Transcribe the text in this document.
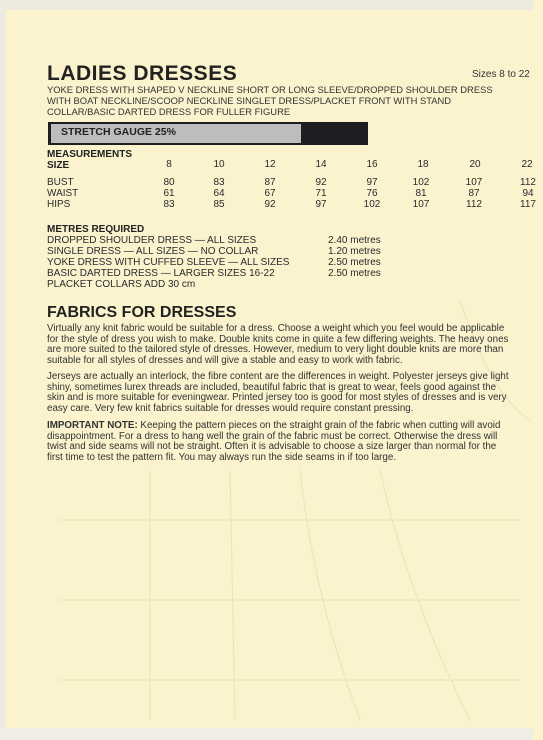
LADIES DRESSES	Sizes 8 to 22
YOKE DRESS WITH SHAPED V NECKLINE SHORT OR LONG SLEEVE/DROPPED SHOULDER DRESS
WITH BOAT NECKLINE/SCOOP NECKLINE SINGLET DRESS/PLACKET FRONT WITH STAND
COLLAR/BASIC DARTED DRESS FOR FULLER FIGURE
STRETCH GAUGE 25%
MEASUREMENTS
SIZE	8	10	12	14	16	18	20	22
BUST	80	83	87	92	97	102	107	112
WAIST	61	64	67	71	76	81	87	94
HIPS	83	85	92	97	102	107	112	117
METRES REQUIRED
DROPPED SHOULDER DRESS — ALL SIZES	2.40 metres
SINGLE DRESS — ALL SIZES — NO COLLAR	1.20 metres
YOKE DRESS WITH CUFFED SLEEVE — ALL SIZES	2.50 metres
BASIC DARTED DRESS — LARGER SIZES 16-22	2.50 metres
PLACKET COLLARS ADD 30 cm
FABRICS FOR DRESSES
Virtually any knit fabric would be suitable for a dress. Choose a weight which you feel would be applicable
for the style of dress you wish to make. Double knits come in quite a few differing weights. The heavy ones
are more suited to the tailored style of dresses. However, medium to very light double knits are more than
suitable for all styles of dresses and will give a stable and easy to work with fabric.
Jerseys are actually an interlock, the fibre content are the differences in weight. Polyester jerseys give light
shiny, sometimes lurex threads are included, beautiful fabric that is great to wear, feels good against the
skin and is more suitable for eveningwear. Printed jersey too is good for most styles of dresses and is very
easy care. Very few knit fabrics suitable for dresses would require constant pressing.
IMPORTANT NOTE: Keeping the pattern pieces on the straight grain of the fabric when cutting will avoid
disappointment. For a dress to hang well the grain of the fabric must be correct. Otherwise the dress will
twist and side seams will not be straight. Often it is advisable to choose a size larger than normal for the
first time to test the pattern fit. You may always run the side seams in if too large.
